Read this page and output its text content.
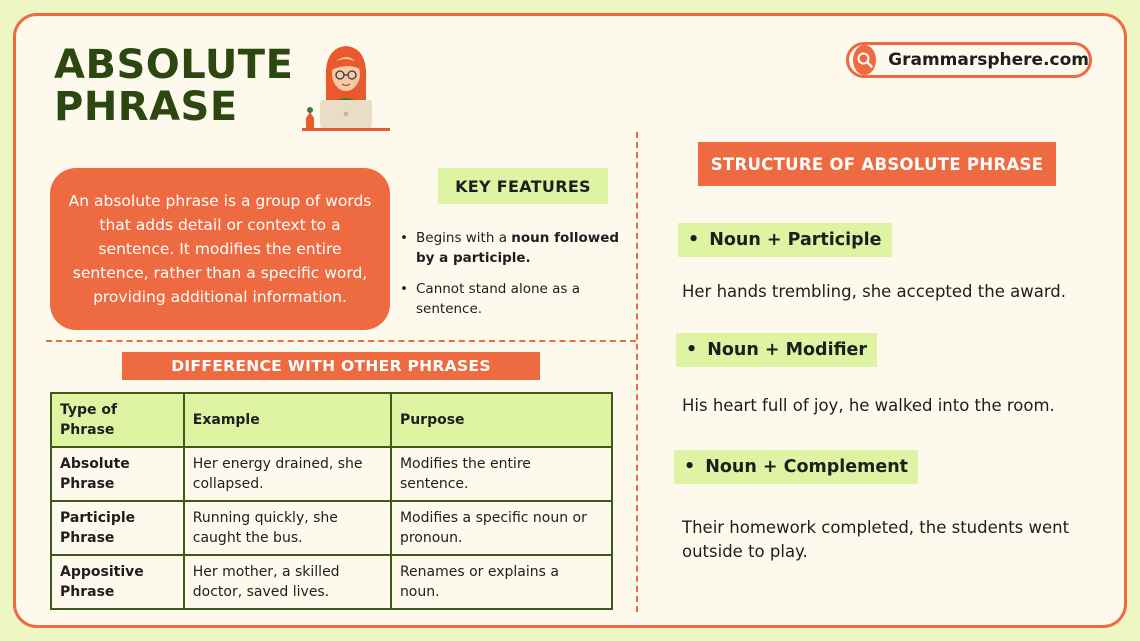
ABSOLUTE
PHRASE
Grammarsphere.com

An absolute phrase is a group of words that adds detail or context to a sentence. It modifies the entire sentence, rather than a specific word, providing additional information.

KEY FEATURES
• Begins with a noun followed by a participle.
• Cannot stand alone as a sentence.
DIFFERENCE WITH OTHER PHRASES
Type of Phrase	Example	Purpose
Absolute Phrase	Her energy drained, she collapsed.	Modifies the entire sentence.
Participle Phrase	Running quickly, she caught the bus.	Modifies a specific noun or pronoun.
Appositive Phrase	Her mother, a skilled doctor, saved lives.	Renames or explains a noun.
STRUCTURE OF ABSOLUTE PHRASE
• Noun + Participle
Her hands trembling, she accepted the award.
• Noun + Modifier
His heart full of joy, he walked into the room.
• Noun + Complement
Their homework completed, the students went outside to play.
